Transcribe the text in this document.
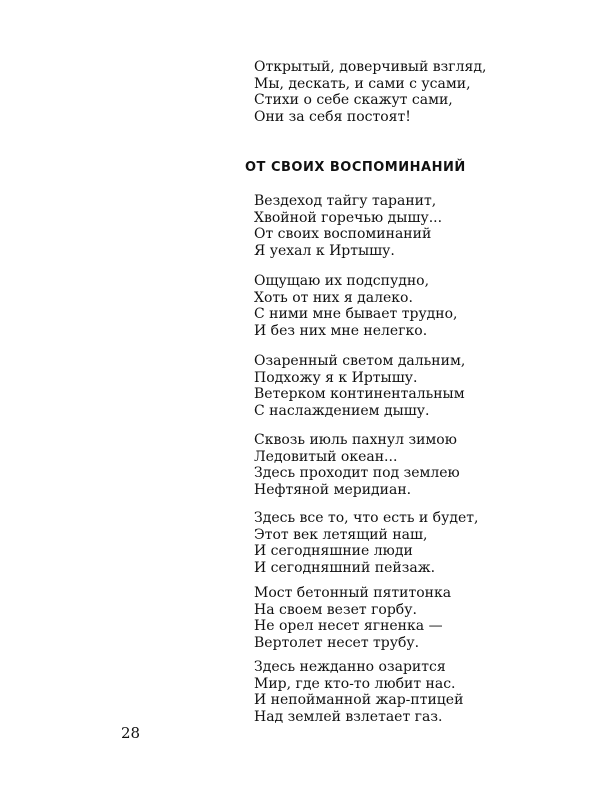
Открытый, доверчивый взгляд,
Мы, дескать, и сами с усами,
Стихи о себе скажут сами,
Они за себя постоят!
ОТ СВОИХ ВОСПОМИНАНИЙ
Вездеход тайгу таранит,
Хвойной горечью дышу...
От своих воспоминаний
Я уехал к Иртышу.
Ощущаю их подспудно,
Хоть от них я далеко.
С ними мне бывает трудно,
И без них мне нелегко.
Озаренный светом дальним,
Подхожу я к Иртышу.
Ветерком континентальным
С наслаждением дышу.
Сквозь июль пахнул зимою
Ледовитый океан...
Здесь проходит под землею
Нефтяной меридиан.
Здесь все то, что есть и будет,
Этот век летящий наш,
И сегодняшние люди
И сегодняшний пейзаж.
Мост бетонный пятитонка
На своем везет горбу.
Не орел несет ягненка —
Вертолет несет трубу.
Здесь нежданно озарится
Мир, где кто-то любит нас.
И непойманной жар-птицей
Над землей взлетает газ.
28
